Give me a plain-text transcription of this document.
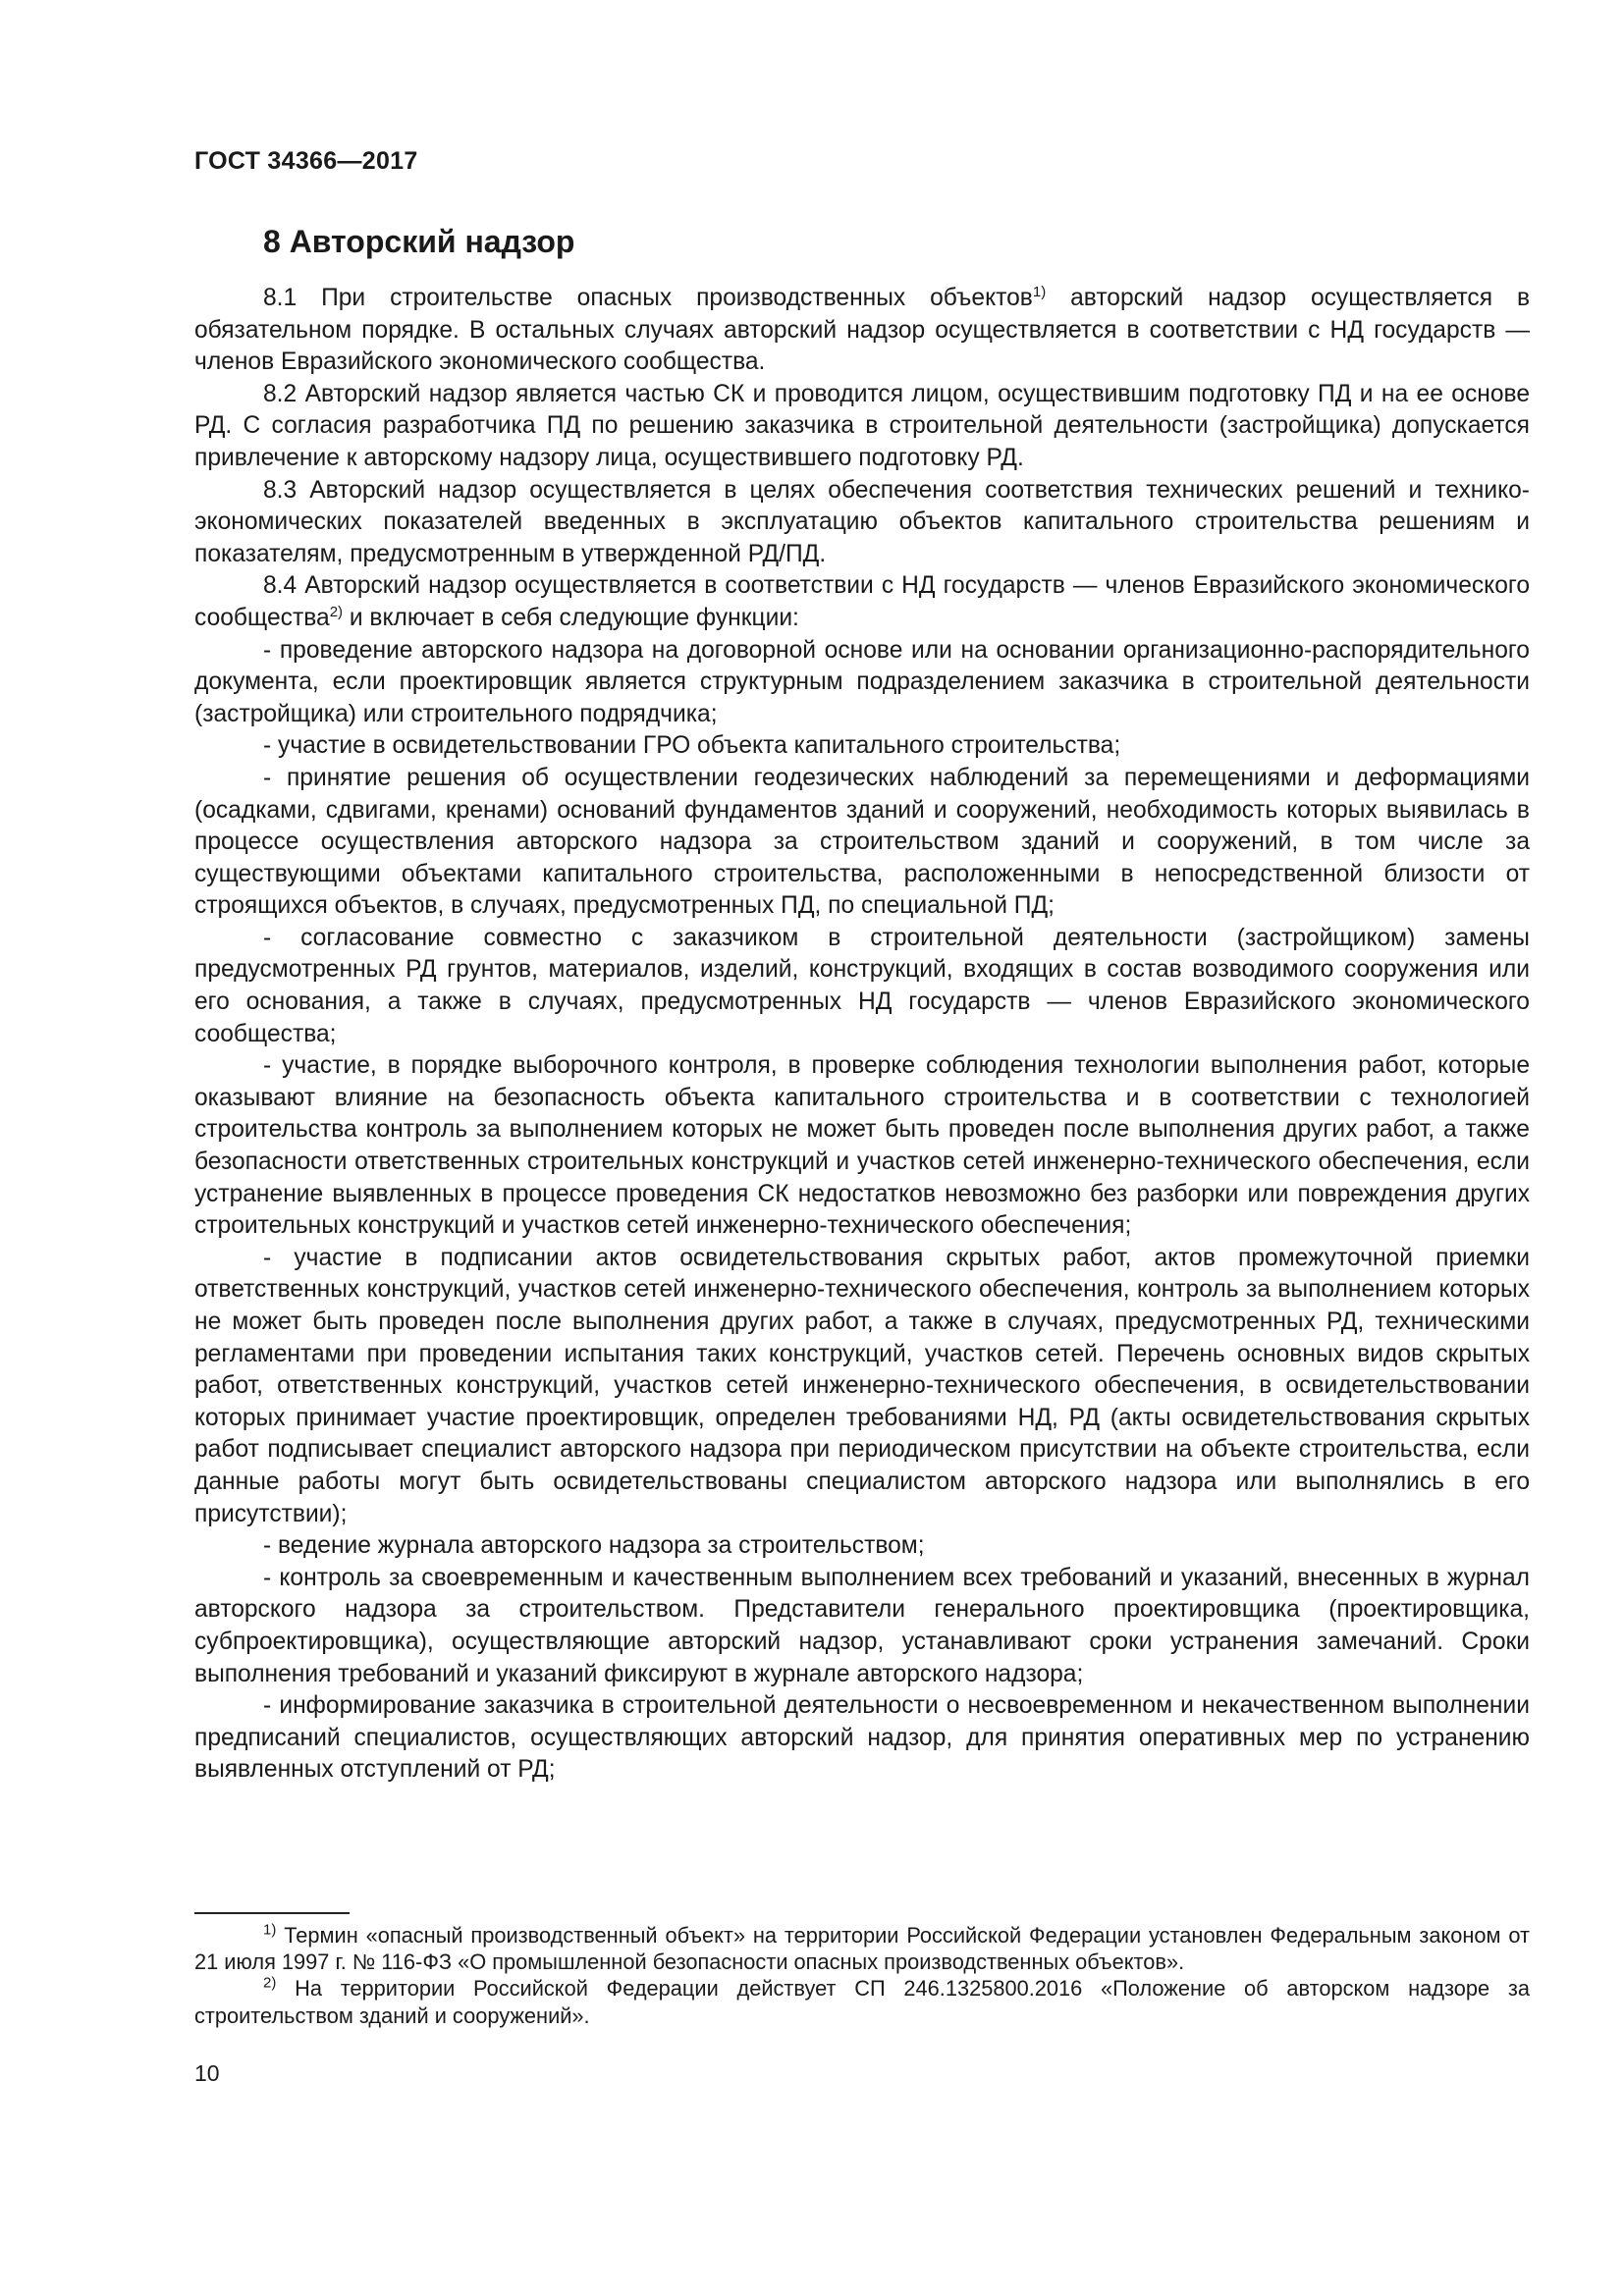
ГОСТ 34366—2017
8 Авторский надзор

8.1 При строительстве опасных производственных объектов$^{1)}$ авторский надзор осуществляется в обязательном порядке. В остальных случаях авторский надзор осуществляется в соответствии с НД государств — членов Евразийского экономического сообщества.

8.2 Авторский надзор является частью СК и проводится лицом, осуществившим подготовку ПД и на ее основе РД. С согласия разработчика ПД по решению заказчика в строительной деятельности (застройщика) допускается привлечение к авторскому надзору лица, осуществившего подготовку РД.

8.3 Авторский надзор осуществляется в целях обеспечения соответствия технических решений и технико-экономических показателей введенных в эксплуатацию объектов капитального строительства решениям и показателям, предусмотренным в утвержденной РД/ПД.

8.4 Авторский надзор осуществляется в соответствии с НД государств — членов Евразийского экономического сообщества$^{2)}$ и включает в себя следующие функции:

- проведение авторского надзора на договорной основе или на основании организационно-распорядительного документа, если проектировщик является структурным подразделением заказчика в строительной деятельности (застройщика) или строительного подрядчика;

- участие в освидетельствовании ГРО объекта капитального строительства;

- принятие решения об осуществлении геодезических наблюдений за перемещениями и деформациями (осадками, сдвигами, кренами) оснований фундаментов зданий и сооружений, необходимость которых выявилась в процессе осуществления авторского надзора за строительством зданий и сооружений, в том числе за существующими объектами капитального строительства, расположенными в непосредственной близости от строящихся объектов, в случаях, предусмотренных ПД, по специальной ПД;

- согласование совместно с заказчиком в строительной деятельности (застройщиком) замены предусмотренных РД грунтов, материалов, изделий, конструкций, входящих в состав возводимого сооружения или его основания, а также в случаях, предусмотренных НД государств — членов Евразийского экономического сообщества;

- участие, в порядке выборочного контроля, в проверке соблюдения технологии выполнения работ, которые оказывают влияние на безопасность объекта капитального строительства и в соответствии с технологией строительства контроль за выполнением которых не может быть проведен после выполнения других работ, а также безопасности ответственных строительных конструкций и участков сетей инженерно-технического обеспечения, если устранение выявленных в процессе проведения СК недостатков невозможно без разборки или повреждения других строительных конструкций и участков сетей инженерно-технического обеспечения;

- участие в подписании актов освидетельствования скрытых работ, актов промежуточной приемки ответственных конструкций, участков сетей инженерно-технического обеспечения, контроль за выполнением которых не может быть проведен после выполнения других работ, а также в случаях, предусмотренных РД, техническими регламентами при проведении испытания таких конструкций, участков сетей. Перечень основных видов скрытых работ, ответственных конструкций, участков сетей инженерно-технического обеспечения, в освидетельствовании которых принимает участие проектировщик, определен требованиями НД, РД (акты освидетельствования скрытых работ подписывает специалист авторского надзора при периодическом присутствии на объекте строительства, если данные работы могут быть освидетельствованы специалистом авторского надзора или выполнялись в его присутствии);

- ведение журнала авторского надзора за строительством;

- контроль за своевременным и качественным выполнением всех требований и указаний, внесенных в журнал авторского надзора за строительством. Представители генерального проектировщика (проектировщика, субпроектировщика), осуществляющие авторский надзор, устанавливают сроки устранения замечаний. Сроки выполнения требований и указаний фиксируют в журнале авторского надзора;

- информирование заказчика в строительной деятельности о несвоевременном и некачественном выполнении предписаний специалистов, осуществляющих авторский надзор, для принятия оперативных мер по устранению выявленных отступлений от РД;

$^{1)}$ Термин «опасный производственный объект» на территории Российской Федерации установлен Федеральным законом от 21 июля 1997 г. № 116-ФЗ «О промышленной безопасности опасных производственных объектов».

$^{2)}$ На территории Российской Федерации действует СП 246.1325800.2016 «Положение об авторском надзоре за строительством зданий и сооружений».

10
